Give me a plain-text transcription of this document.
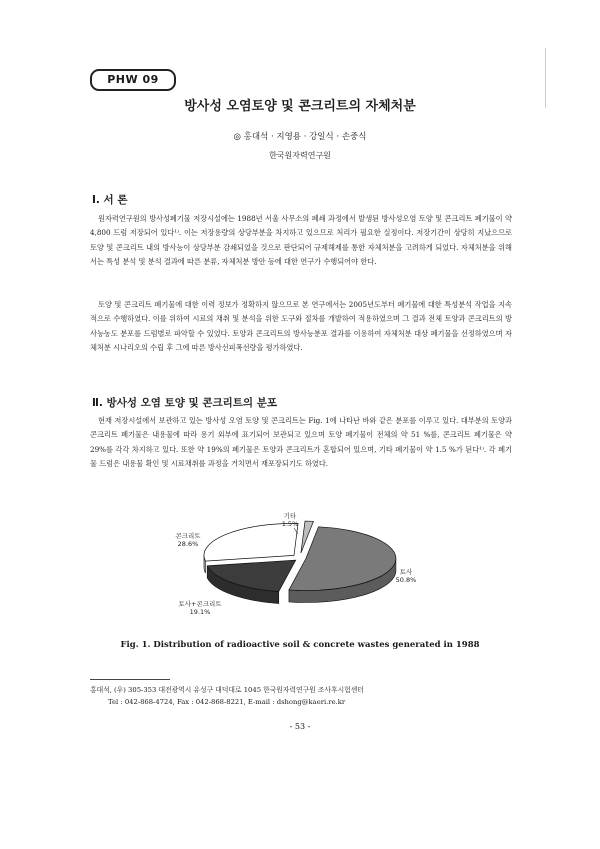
PHW 09
방사성 오염토양 및 콘크리트의 자체처분
◎ 홍대석 · 지영용 · 강일식 · 손중식
한국원자력연구원
Ⅰ. 서 론
원자력연구원의 방사성폐기물 저장시설에는 1988년 서울 사무소의 폐쇄 과정에서 발생된 방사성오염 토양 및 콘크리트 폐기물이 약 4,800 드럼 저장되어 있다¹⁾. 이는 저장용량의 상당부분을 차지하고 있으므로 처리가 필요한 실정이다. 저장기간이 상당히 지났으므로 토양 및 콘크리트 내의 방사능이 상당부분 감쇄되었을 것으로 판단되어 규제해제를 통한 자체처분을 고려하게 되었다. 자체처분을 위해서는 특성 분석 및 분석 결과에 따른 분류, 자체처분 방안 등에 대한 연구가 수행되어야 한다.
토양 및 콘크리트 폐기물에 대한 이력 정보가 정확하지 않으므로 본 연구에서는 2005년도부터 폐기물에 대한 특성분석 작업을 지속적으로 수행하였다. 이를 위하여 시료의 채취 및 분석을 위한 도구와 절차를 개발하여 적용하였으며 그 결과 전체 토양과 콘크리트의 방사능농도 분포를 드럼별로 파악할 수 있었다. 토양과 콘크리트의 방사능분포 결과를 이용하여 자체처분 대상 폐기물을 선정하였으며 자체처분 시나리오의 수립 후 그에 따른 방사선피폭선량을 평가하였다.
Ⅱ. 방사성 오염 토양 및 콘크리트의 분포
현재 저장시설에서 보관하고 있는 방사성 오염 토양 및 콘크리트는 Fig. 1에 나타난 바와 같은 분포를 이루고 있다. 대부분의 토양과 콘크리트 폐기물은 내용물에 따라 용기 외부에 표기되어 보관되고 있으며 토양 폐기물이 전체의 약 51 %를, 콘크리트 폐기물은 약 29%를 각각 차지하고 있다. 또한 약 19%의 폐기물은 토양과 콘크리트가 혼합되어 있으며, 기타 폐기물이 약 1.5 %가 된다¹⁾. 각 폐기물 드럼은 내용물 확인 및 시료채취를 과정을 거치면서 재포장되기도 하였다.
토사
50.8%
토사+콘크리트
19.1%
콘크리트
28.6%
기타
1.5%
Fig. 1. Distribution of radioactive soil & concrete wastes generated in 1988
홍대석, (우) 305-353 대전광역시 유성구 대덕대로 1045 한국원자력연구원 조사후시험센터
Tel : 042-868-4724, Fax : 042-868-8221, E-mail : dshong@kaeri.re.kr
- 53 -
